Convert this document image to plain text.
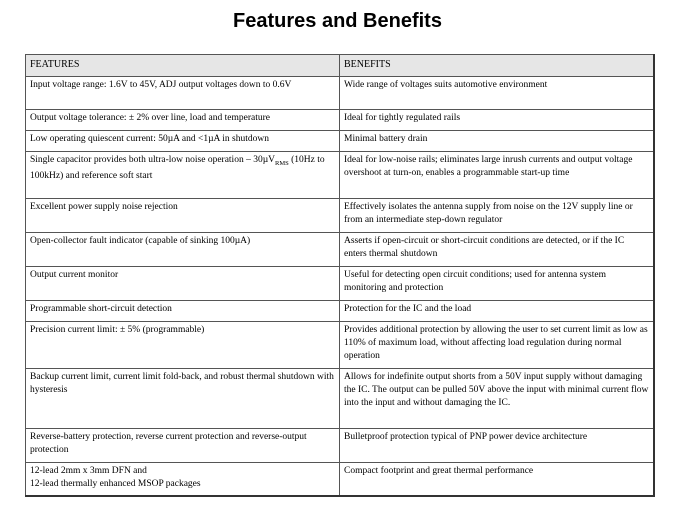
Features and Benefits
FEATURES	BENEFITS
Input voltage range: 1.6V to 45V, ADJ output voltages down to 0.6V	Wide range of voltages suits automotive environment
Output voltage tolerance: ± 2% over line, load and temperature	Ideal for tightly regulated rails
Low operating quiescent current: 50µA and <1µA in shutdown	Minimal battery drain
Single capacitor provides both ultra-low noise operation – 30µV$_{RMS}$ (10Hz to 100kHz) and reference soft start	Ideal for low-noise rails; eliminates large inrush currents and output voltage overshoot at turn-on, enables a programmable start-up time
Excellent power supply noise rejection	Effectively isolates the antenna supply from noise on the 12V supply line or from an intermediate step-down regulator
Open-collector fault indicator (capable of sinking 100µA)	Asserts if open-circuit or short-circuit conditions are detected, or if the IC enters thermal shutdown
Output current monitor	Useful for detecting open circuit conditions; used for antenna system monitoring and protection
Programmable short-circuit detection	Protection for the IC and the load
Precision current limit: ± 5% (programmable)	Provides additional protection by allowing the user to set current limit as low as 110% of maximum load, without affecting load regulation during normal operation
Backup current limit, current limit fold-back, and robust thermal shutdown with hysteresis	Allows for indefinite output shorts from a 50V input supply without damaging the IC. The output can be pulled 50V above the input with minimal current flow into the input and without damaging the IC.
Reverse-battery protection, reverse current protection and reverse-output protection	Bulletproof protection typical of PNP power device architecture

12-lead 2mm x 3mm DFN and
12-lead thermally enhanced MSOP packages	Compact footprint and great thermal performance
